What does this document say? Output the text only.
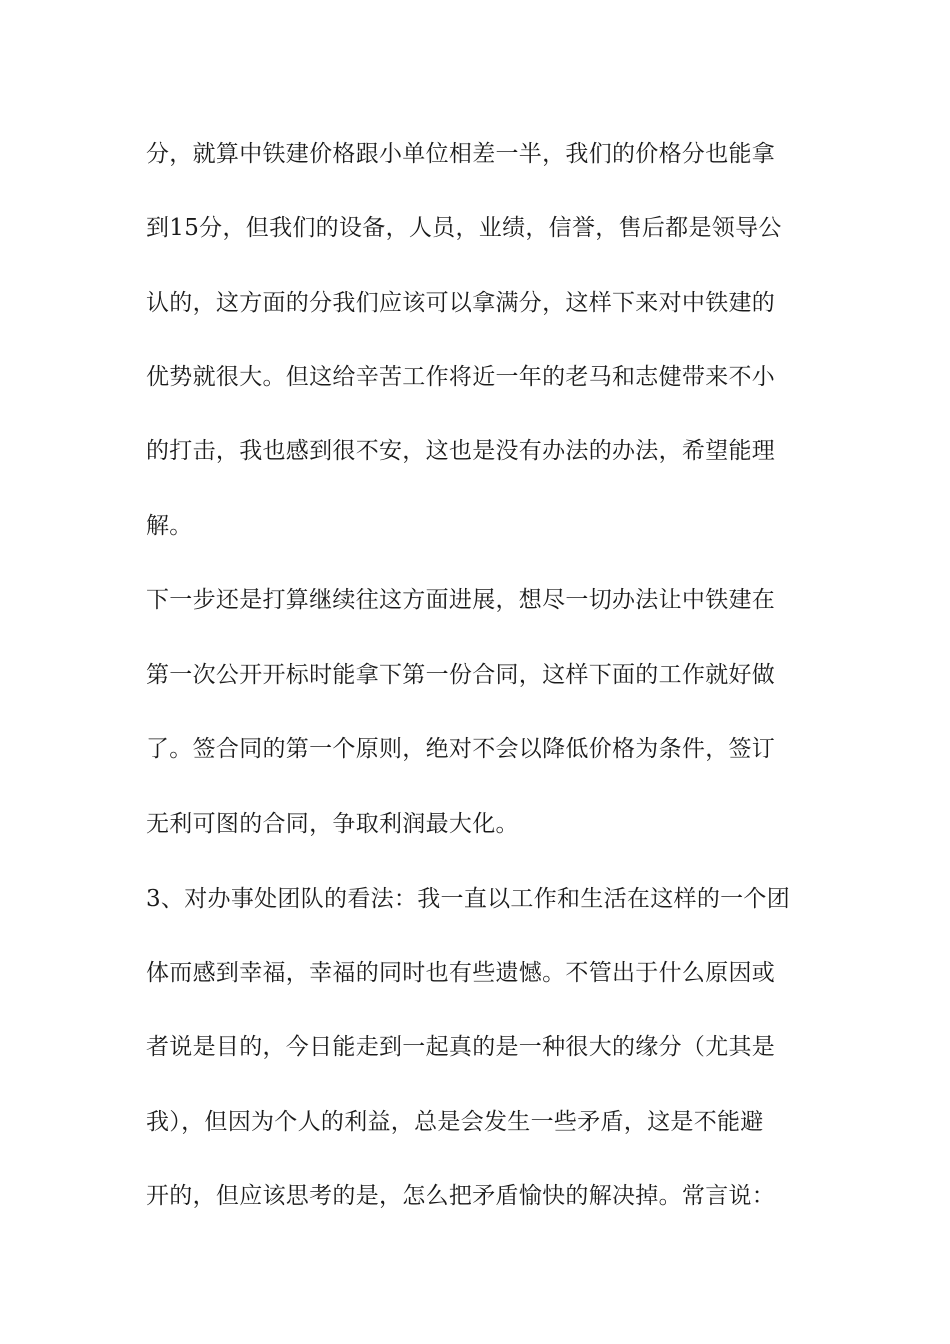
分，就算中铁建价格跟小单位相差一半，我们的价格分也能拿
到15分，但我们的设备，人员，业绩，信誉，售后都是领导公
认的，这方面的分我们应该可以拿满分，这样下来对中铁建的
优势就很大。但这给辛苦工作将近一年的老马和志健带来不小
的打击，我也感到很不安，这也是没有办法的办法，希望能理
解。
下一步还是打算继续往这方面进展，想尽一切办法让中铁建在
第一次公开开标时能拿下第一份合同，这样下面的工作就好做
了。签合同的第一个原则，绝对不会以降低价格为条件，签订
无利可图的合同，争取利润最大化。
3、对办事处团队的看法：我一直以工作和生活在这样的一个团
体而感到幸福，幸福的同时也有些遗憾。不管出于什么原因或
者说是目的，今日能走到一起真的是一种很大的缘分（尤其是
我），但因为个人的利益，总是会发生一些矛盾，这是不能避
开的，但应该思考的是，怎么把矛盾愉快的解决掉。常言说：
